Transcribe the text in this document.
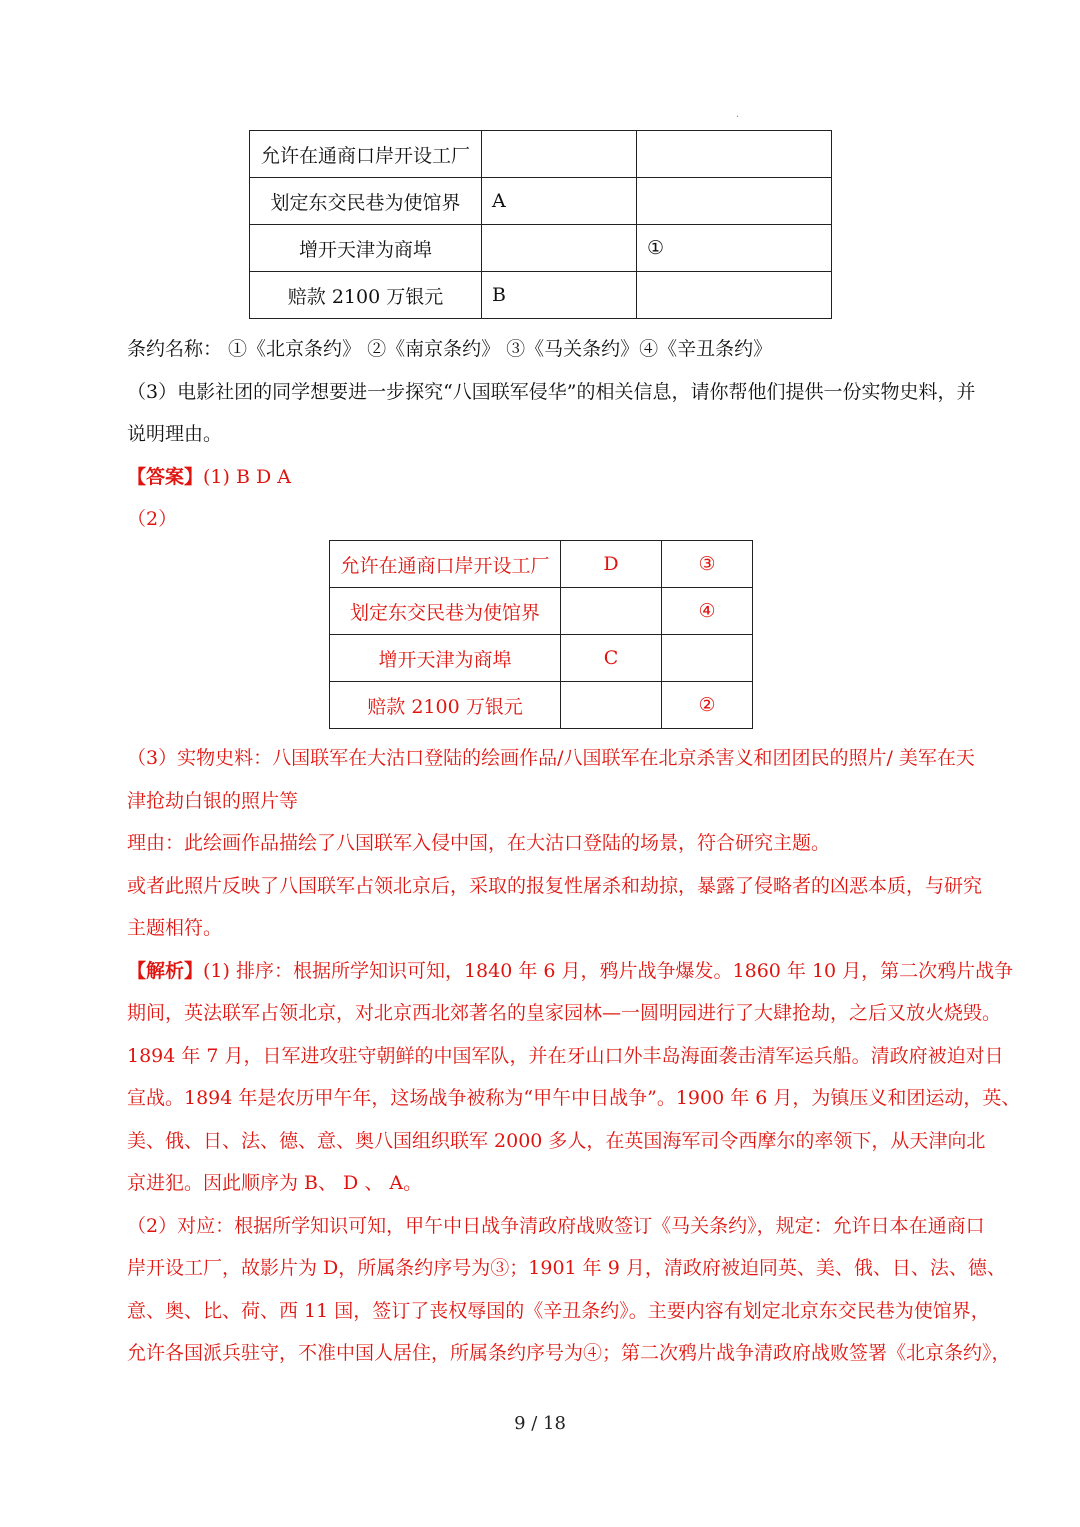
·
允许在通商口岸开设工厂		
划定东交民巷为使馆界	A	
增开天津为商埠		①
赔款 2100 万银元	B	
条约名称： ①《北京条约》 ②《南京条约》 ③《马关条约》④《辛丑条约》
（3）电影社团的同学想要进一步探究“八国联军侵华”的相关信息，请你帮他们提供一份实物史料，并
说明理由。
【答案】(1) B D A
（2）
允许在通商口岸开设工厂	D	③
划定东交民巷为使馆界		④
增开天津为商埠	C	
赔款 2100 万银元		②
（3）实物史料：八国联军在大沽口登陆的绘画作品/八国联军在北京杀害义和团团民的照片/ 美军在天
津抢劫白银的照片等
理由：此绘画作品描绘了八国联军入侵中国，在大沽口登陆的场景，符合研究主题。
或者此照片反映了八国联军占领北京后，采取的报复性屠杀和劫掠，暴露了侵略者的凶恶本质，与研究
主题相符。
【解析】(1) 排序：根据所学知识可知，1840 年 6 月，鸦片战争爆发。1860 年 10 月，第二次鸦片战争
期间，英法联军占领北京，对北京西北郊著名的皇家园林—一圆明园进行了大肆抢劫，之后又放火烧毁。
1894 年 7 月，日军进攻驻守朝鲜的中国军队，并在牙山口外丰岛海面袭击清军运兵船。清政府被迫对日
宣战。1894 年是农历甲午年，这场战争被称为“甲午中日战争”。1900 年 6 月，为镇压义和团运动，英、
美、俄、日、法、德、意、奥八国组织联军 2000 多人，在英国海军司令西摩尔的率领下，从天津向北
京进犯。因此顺序为 B、 D 、 A。
（2）对应：根据所学知识可知，甲午中日战争清政府战败签订《马关条约》，规定：允许日本在通商口
岸开设工厂，故影片为 D，所属条约序号为③；1901 年 9 月，清政府被迫同英、美、俄、日、法、德、
意、奥、比、荷、西 11 国，签订了丧权辱国的《辛丑条约》。主要内容有划定北京东交民巷为使馆界，
允许各国派兵驻守，不准中国人居住，所属条约序号为④；第二次鸦片战争清政府战败签署《北京条约》，
9 / 18
